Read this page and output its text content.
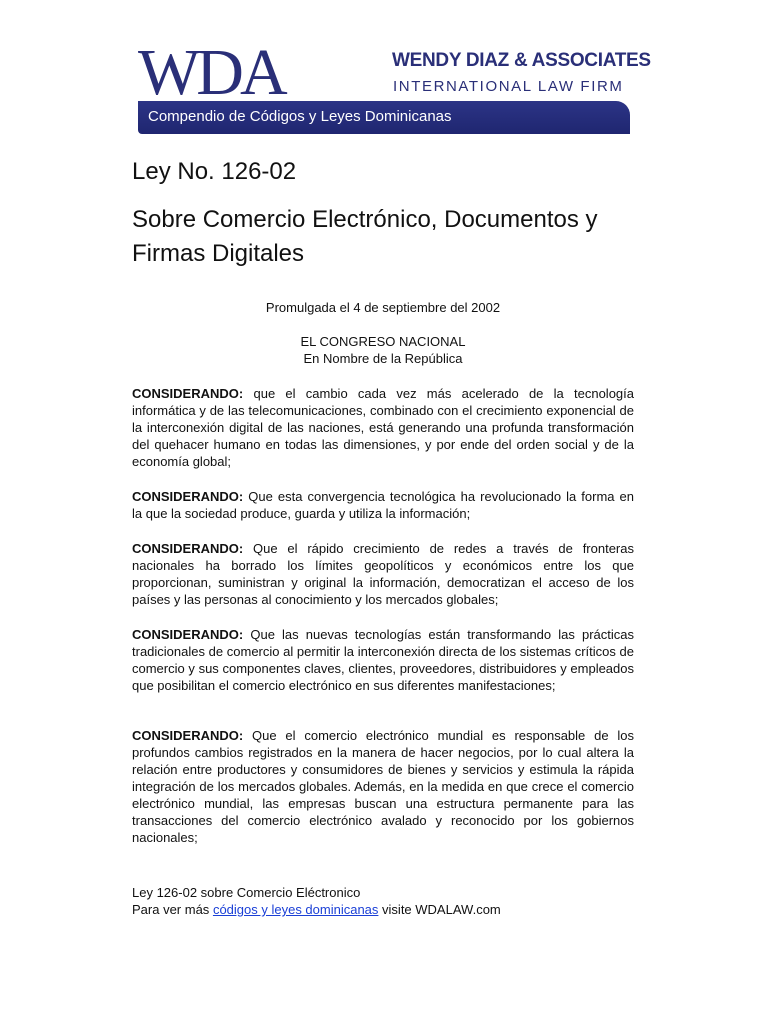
WDA	WENDY DIAZ & ASSOCIATES
INTERNATIONAL LAW FIRM
Compendio de Códigos y Leyes Dominicanas
Ley No. 126-02
Sobre Comercio Electrónico, Documentos y Firmas Digitales
Promulgada el 4 de septiembre del 2002
EL CONGRESO NACIONAL
En Nombre de la República

CONSIDERANDO: que el cambio cada vez más acelerado de la tecnología informática y de las telecomunicaciones, combinado con el crecimiento exponencial de la interconexión digital de las naciones, está generando una profunda transformación del quehacer humano en todas las dimensiones, y por ende del orden social y de la economía global;

CONSIDERANDO: Que esta convergencia tecnológica ha revolucionado la forma en la que la sociedad produce, guarda y utiliza la información;

CONSIDERANDO: Que el rápido crecimiento de redes a través de fronteras nacionales ha borrado los límites geopolíticos y económicos entre los que proporcionan, suministran y original la información, democratizan el acceso de los países y las personas al conocimiento y los mercados globales;

CONSIDERANDO: Que las nuevas tecnologías están transformando las prácticas tradicionales de comercio al permitir la interconexión directa de los sistemas críticos de comercio y sus componentes claves, clientes, proveedores, distribuidores y empleados que posibilitan el comercio electrónico en sus diferentes manifestaciones;

CONSIDERANDO: Que el comercio electrónico mundial es responsable de los profundos cambios registrados en la manera de hacer negocios, por lo cual altera la relación entre productores y consumidores de bienes y servicios y estimula la rápida integración de los mercados globales. Además, en la medida en que crece el comercio electrónico mundial, las empresas buscan una estructura permanente para las transacciones del comercio electrónico avalado y reconocido por los gobiernos nacionales;

Ley 126-02 sobre Comercio Eléctronico
Para ver más códigos y leyes dominicanas visite WDALAW.com
